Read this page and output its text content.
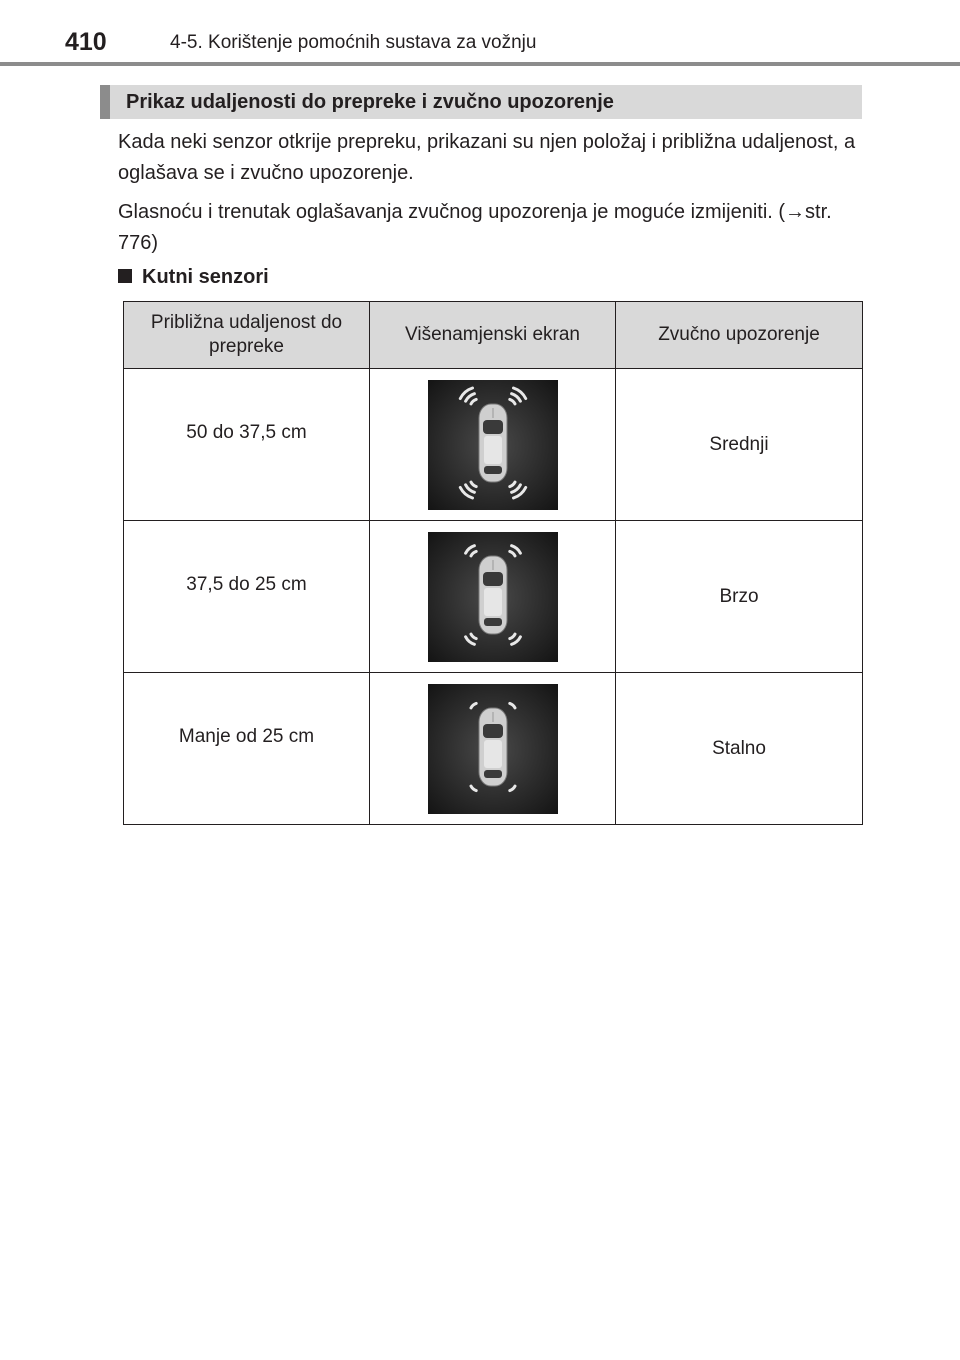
410	4-5. Korištenje pomoćnih sustava za vožnju
Prikaz udaljenosti do prepreke i zvučno upozorenje

Kada neki senzor otkrije prepreku, prikazani su njen položaj i približna udaljenost, a oglašava se i zvučno upozorenje.

Glasnoću i trenutak oglašavanja zvučnog upozorenja je moguće izmijeniti. (→str. 776)

Kutni senzori
Približna udaljenost do prepreke	Višenamjenski ekran	Zvučno upozorenje

50 do 37,5 cm		Srednji

37,5 do 25 cm		Brzo

Manje od 25 cm		Stalno
